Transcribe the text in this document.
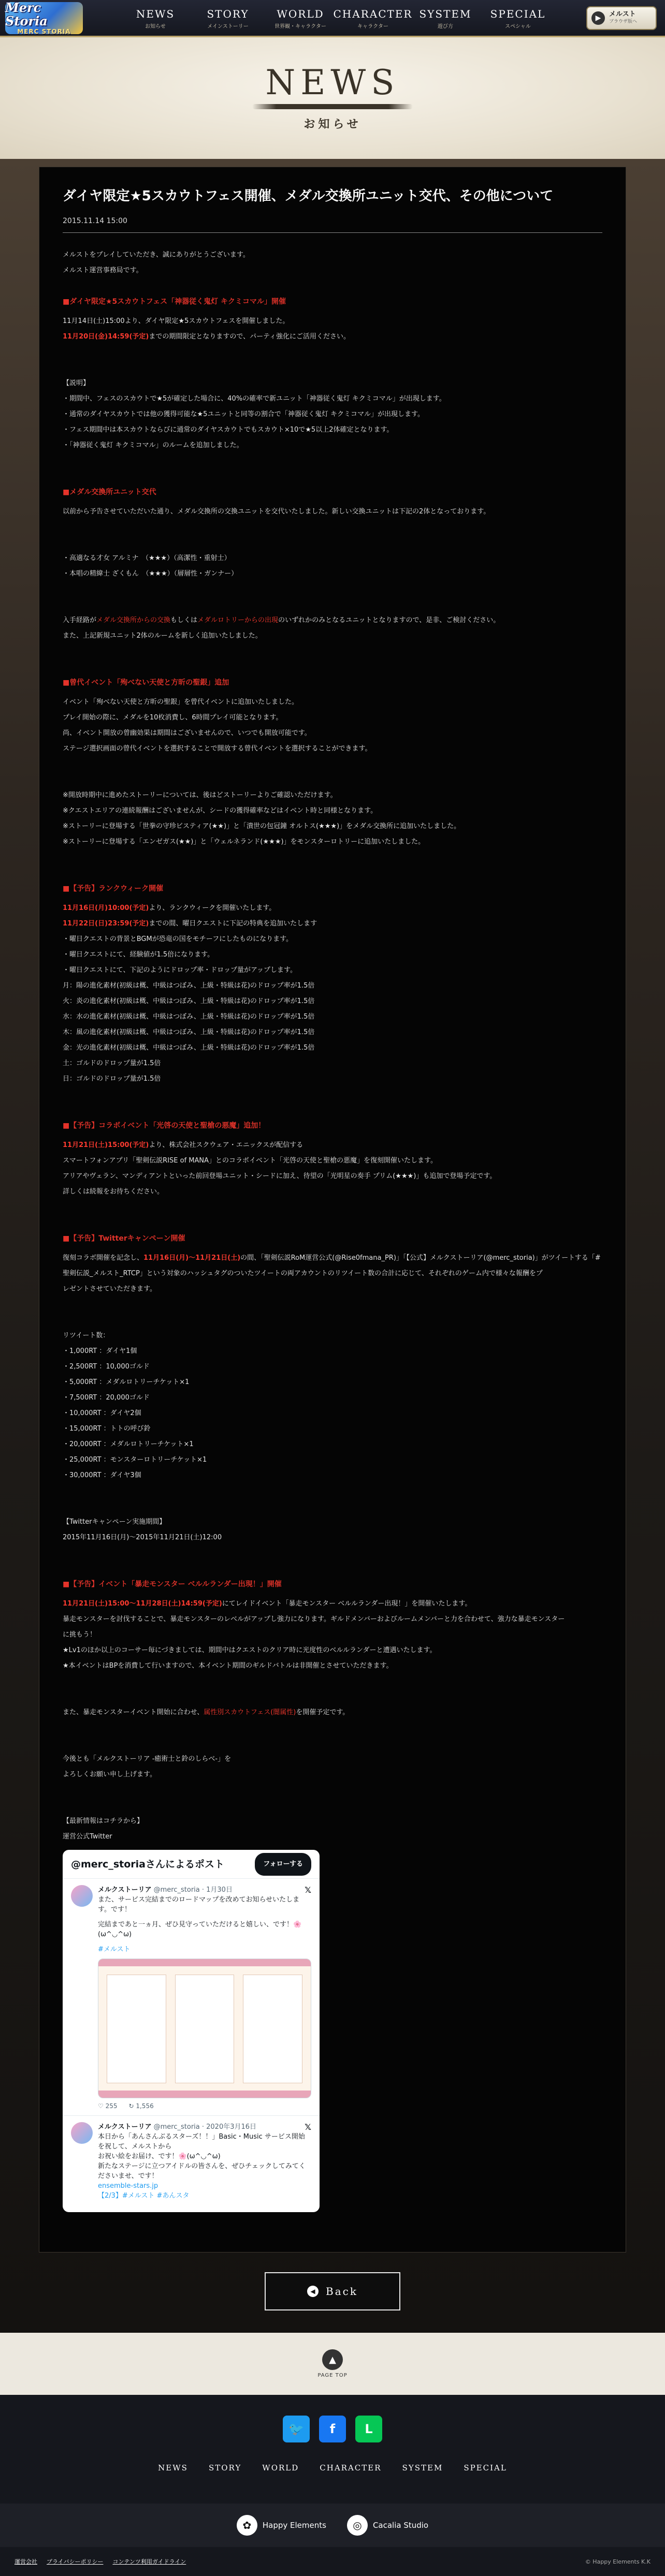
Merc Storia
MERC STORIA
NEWS
お知らせ
STORY
メインストーリー
WORLD
世界観・キャラクター
CHARACTER
キャラクター
SYSTEM
遊び方
SPECIAL
スペシャル
▶	メルスト
ブラウザ版へ
NEWS
お知らせ
ダイヤ限定★5スカウトフェス開催、メダル交換所ユニット交代、その他について
2015.11.14 15:00

メルストをプレイしていただき、誠にありがとうございます。

メルスト運営事務局です。

■ダイヤ限定★5スカウトフェス「神器従く鬼灯 キクミコマル」開催

11月14日(土)15:00より、ダイヤ限定★5スカウトフェスを開催しました。

11月20日(金)14:59(予定)までの期間限定となりますので、パーティ強化にご活用ください。

【説明】

・期間中、フェスのスカウトで★5が確定した場合に、40%の確率で新ユニット「神器従く鬼灯 キクミコマル」が出現します。

・通常のダイヤスカウトでは他の獲得可能な★5ユニットと同等の割合で「神器従く鬼灯 キクミコマル」が出現します。

・フェス期間中は本スカウトならびに通常のダイヤスカウトでもスカウト×10で★5以上2体確定となります。

・「神器従く鬼灯 キクミコマル」のルームを追加しました。

■メダル交換所ユニット交代

以前から予告させていただいた通り、メダル交換所の交換ユニットを交代いたしました。新しい交換ユニットは下記の2体となっております。

・高適なる才女 アルミナ　（★★★）（高潔性・重射士）

・本唱の精緯士 ざくもん　（★★★）（層層性・ガンナー）

入手経路がメダル交換所からの交換もしくはメダルロトリーからの出現のいずれかのみとなるユニットとなりますので、是非、ご検討ください。

また、上記新規ユニット2体のルームを新しく追加いたしました。

■曾代イベント「殉べない天使と方昕の聖銀」追加

イベント「殉べない天使と方昕の聖銀」を曾代イベントに追加いたしました。

プレイ開始の際に、メダルを10枚消費し、6時間プレイ可能となります。

尚、イベント開放の曾幽効果は期間はございませんので、いつでも開放可能です。

ステージ選択画面の曾代イベントを選択することで開放する曾代イベントを選択することができます。

※開放時期中に進めたストーリーについては、後はどストーリーよりご確認いただけます。

※クエストエリアの連続報酬はございませんが、シードの獲得確率などはイベント時と同様となります。

※ストーリーに登場する「世拳の守珍ビスティア(★★)」と「潰世の包冠鐘 オルトス(★★★)」をメダル交換所に追加いたしました。

※ストーリーに登場する「エンゼガス(★★)」と「ウェルネランド(★★★)」をモンスターロトリーに追加いたしました。

■【予告】ランクウィーク開催

11月16日(月)10:00(予定)より、ランクウィークを開催いたします。

11月22日(日)23:59(予定)までの間、曜日クエストに下記の特典を追加いたします

・曜日クエストの背景とBGMが恐竜の国をモチーフにしたものになります。

・曜日クエストにて、経験値が1.5倍になります。

・曜日クエストにて、下記のようにドロップ率・ドロップ量がアップします。

月：陽の進化素材(初級は概、中級はつぼみ、上級・特級は花)のドロップ率が1.5倍

火：炎の進化素材(初級は概、中級はつぼみ、上級・特級は花)のドロップ率が1.5倍

水：水の進化素材(初級は概、中級はつぼみ、上級・特級は花)のドロップ率が1.5倍

木：風の進化素材(初級は概、中級はつぼみ、上級・特級は花)のドロップ率が1.5倍

金：光の進化素材(初級は概、中級はつぼみ、上級・特級は花)のドロップ率が1.5倍

土：ゴルドのドロップ量が1.5倍

日：ゴルドのドロップ量が1.5倍

■【予告】コラボイベント「光啓の天使と聖槍の悪魔」追加！

11月21日(土)15:00(予定)より、株式会社スクウェア・エニックスが配信する

スマートフォンアプリ「聖剣伝説RISE of MANA」とのコラボイベント「光啓の天使と聖槍の悪魔」を復刻開催いたします。

アリアやヴェラン、マンディアントといった前回登場ユニット・シードに加え、待望の「光明星の奏手 プリム(★★★)」も追加で登場予定です。

詳しくは続報をお待ちください。

■【予告】Twitterキャンペーン開催

復刻コラボ開催を記念し、11月16日(月)〜11月21日(土)の間、「聖剣伝説RoM運営公式(@Rise0fmana_PR)」「【公式】メルクストーリア(@merc_storia)」がツイートする「#聖剣伝説_メルスト_RTCP」という対象のハッシュタグのついたツイートの両アカウントのリツイート数の合計に応じて、それぞれのゲーム内で様々な報酬をプ

レゼントさせていただきます。

リツイート数：

・1,000RT ：ダイヤ1個

・2,500RT ：10,000ゴルド

・5,000RT ：メダルロトリーチケット×1

・7,500RT ：20,000ゴルド

・10,000RT ：ダイヤ2個

・15,000RT ：トトの呼び鈴

・20,000RT ：メダルロトリーチケット×1

・25,000RT ：モンスターロトリーチケット×1

・30,000RT ：ダイヤ3個

【Twitterキャンペーン実施期間】

2015年11月16日(月)〜2015年11月21日(土)12:00

■【予告】イベント「暴走モンスター ベルルランダー出現！」開催

11月21日(土)15:00〜11月28日(土)14:59(予定)にてレイドイベント「暴走モンスター ベルルランダー出現！」を開催いたします。

暴走モンスターを討伐することで、暴走モンスターのレベルがアップし強力になります。ギルドメンバーおよびルームメンバーと力を合わせて、強力な暴走モンスター

に挑もう！

★Lv1のほか以上のコーサー毎にづきましては、期間中はクエストのクリア時に光度性のベルルランダーと遭遇いたします。

★本イベントはBPを消費して行いますので、本イベント期間のギルドバトルは非開催とさせていただきます。

また、暴走モンスターイベント開始に合わせ、属性別スカウトフェス(闇属性)を開催予定です。

今後とも「メルクストーリア -癒術士と鈴のしらべ-」を

よろしくお願い申し上げます。

【最新情報はコチラから】

運営公式Twitter

@merc_storiaさんによるポスト	フォローする
メルクストーリア @merc_storia · 1月30日	𝕏

また、サービス完結までのロードマップを改めてお知らせいたします。です！

完結まであと一ヵ月、ぜひ見守っていただけると嬉しい、です！🌸(ω^◡^ω)

#メルスト

♡ 255 ↻ 1,556
メルクストーリア @merc_storia · 2020年3月16日	𝕏

本日から「あんさんぶるスターズ！！」Basic・Music サービス開始を祝して、メルストから

お祝い絵をお届け、です！🌸(ω^◡^ω)

新たなステージに立つアイドルの皆さんを、ぜひチェックしてみてくださいませ、です！

ensemble-stars.jp

【2/3】#メルスト #あんスタ

◀	Back
▲
PAGE TOP
🐦	f	L
NEWS	STORY	WORLD	CHARACTER	SYSTEM	SPECIAL
✿	Happy Elements	◎	Cacalia Studio
運営会社 プライバシーポリシー コンテンツ利用ガイドライン	© Happy Elements K.K
